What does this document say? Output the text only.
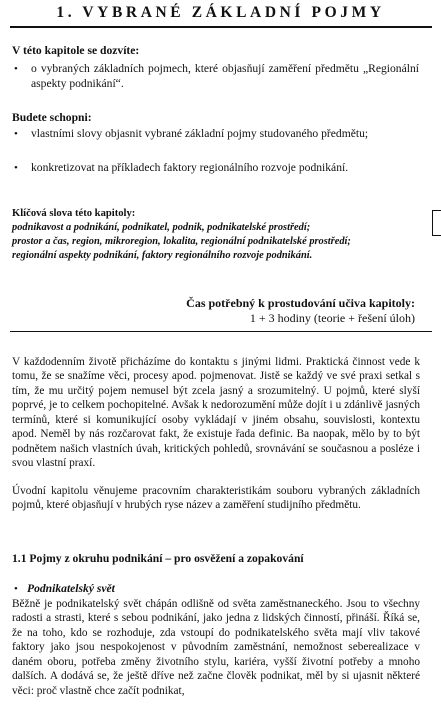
1. VYBRANÉ ZÁKLADNÍ POJMY
V této kapitole se dozvíte:
• o vybraných základních pojmech, které objasňují zaměření předmětu „Regionální aspekty podnikání“.
Budete schopni:
• vlastními slovy objasnit vybrané základní pojmy studovaného předmětu;
• konkretizovat na příkladech faktory regionálního rozvoje podnikání.
Klíčová slova této kapitoly:
podnikavost a podnikání, podnikatel, podnik, podnikatelské prostředí;
prostor a čas, region, mikroregion, lokalita, regionální podnikatelské prostředí;
regionální aspekty podnikání, faktory regionálního rozvoje podnikání.
Čas potřebný k prostudování učiva kapitoly:
1 + 3 hodiny (teorie + řešení úloh)
V každodenním životě přicházíme do kontaktu s jinými lidmi. Praktická činnost vede k tomu, že se snažíme věci, procesy apod. pojmenovat. Jistě se každý ve své praxi setkal s tím, že mu určitý pojem nemusel být zcela jasný a srozumitelný. U pojmů, které slyší poprvé, je to celkem pochopitelné. Avšak k nedorozumění může dojít i u zdánlivě jasných termínů, které si komunikující osoby vykládají v jiném obsahu, souvislosti, kontextu apod. Neměl by nás rozčarovat fakt, že existuje řada definic. Ba naopak, mělo by to být podnětem našich vlastních úvah, kritických pohledů, srovnávání se současnou a posléze i svou vlastní praxí.
Úvodní kapitolu věnujeme pracovním charakteristikám souboru vybraných základních pojmů, které objasňují v hrubých ryse název a zaměření studijního předmětu.
1.1 Pojmy z okruhu podnikání – pro osvěžení a zopakování
• Podnikatelský svět
Běžně je podnikatelský svět chápán odlišně od světa zaměstnaneckého. Jsou to všechny radosti a strasti, které s sebou podnikání, jako jedna z lidských činností, přináší. Říká se, že na toho, kdo se rozhoduje, zda vstoupí do podnikatelského světa mají vliv takové faktory jako jsou nespokojenost v původním zaměstnání, nemožnost seberealizace v daném oboru, potřeba změny životního stylu, kariéra, vyšší životní potřeby a mnoho dalších. A dodává se, že ještě dříve než začne člověk podnikat, měl by si ujasnit některé věci: proč vlastně chce začít podnikat,
